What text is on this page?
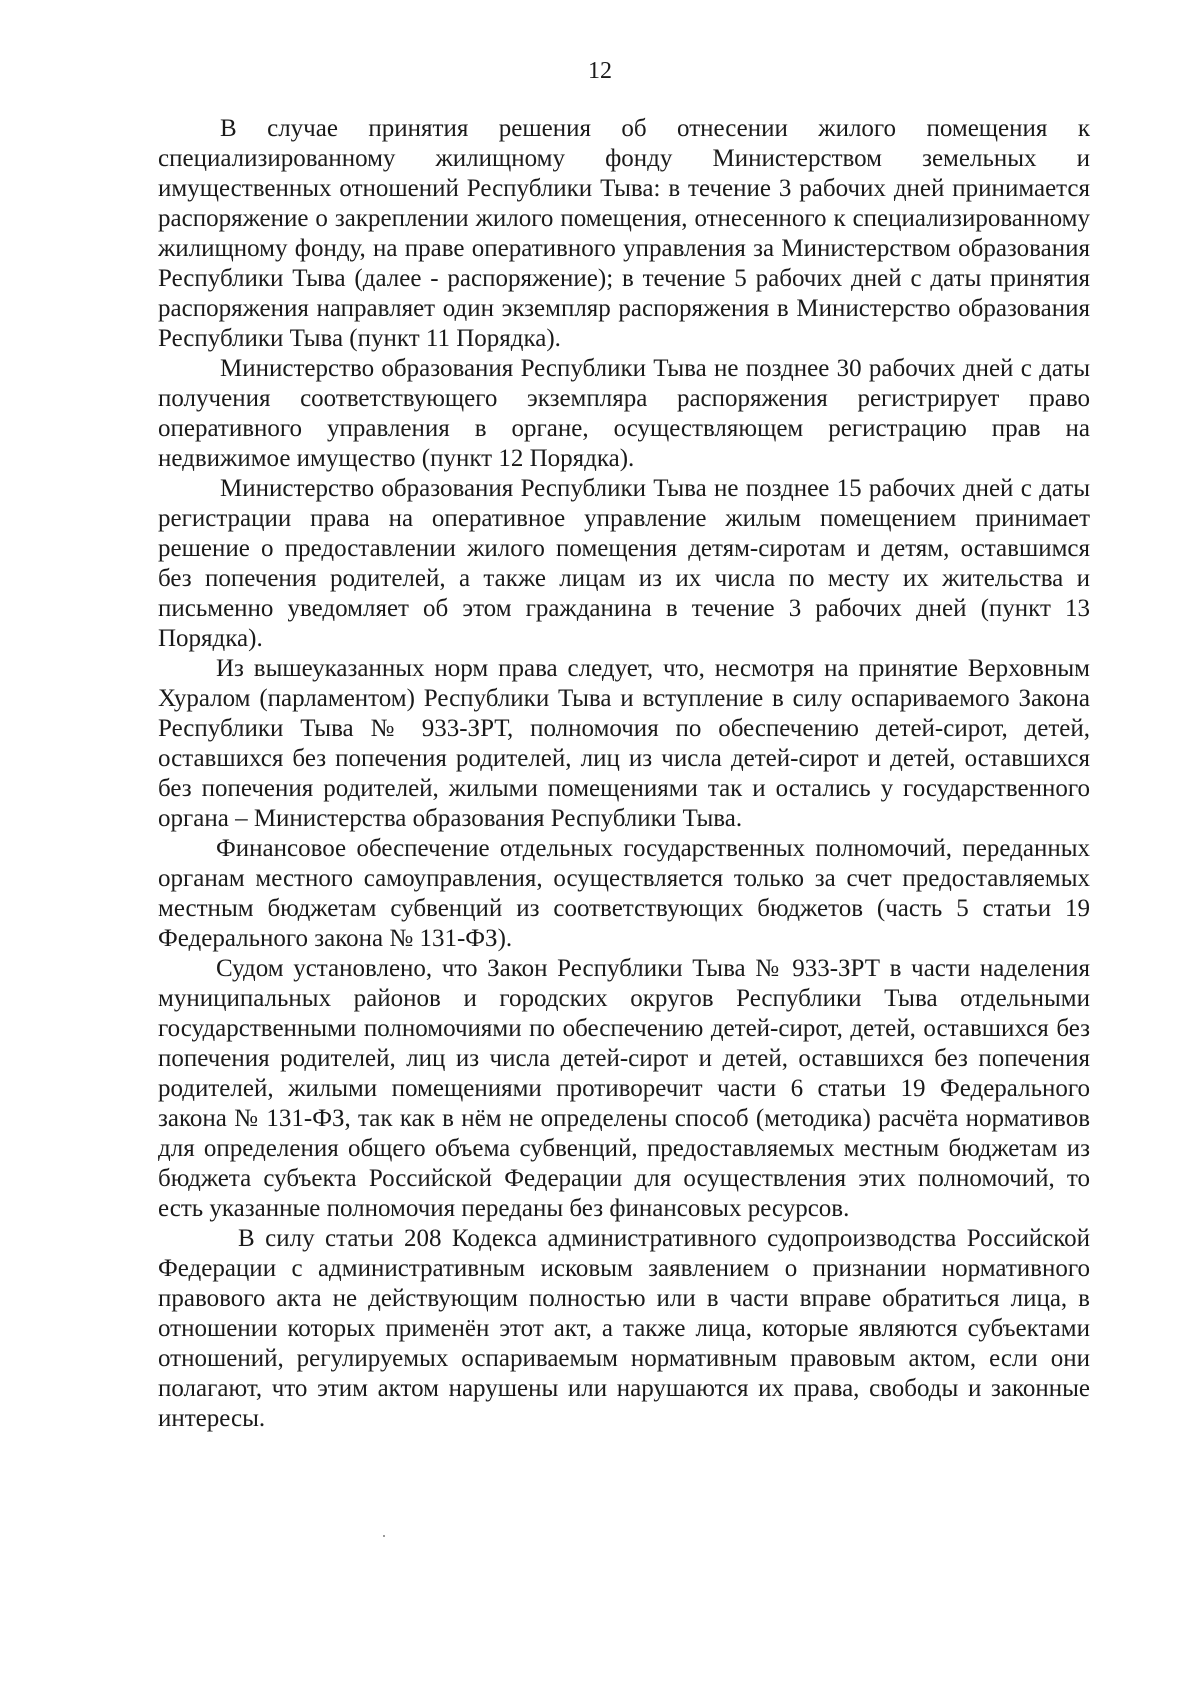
12

В случае принятия решения об отнесении жилого помещения к специализированному жилищному фонду Министерством земельных и имущественных отношений Республики Тыва: в течение 3 рабочих дней принимается распоряжение о закреплении жилого помещения, отнесенного к специализированному жилищному фонду, на праве оперативного управления за Министерством образования Республики Тыва (далее - распоряжение); в течение 5 рабочих дней с даты принятия распоряжения направляет один экземпляр распоряжения в Министерство образования Республики Тыва (пункт 11 Порядка).

Министерство образования Республики Тыва не позднее 30 рабочих дней с даты получения соответствующего экземпляра распоряжения регистрирует право оперативного управления в органе, осуществляющем регистрацию прав на недвижимое имущество (пункт 12 Порядка).

Министерство образования Республики Тыва не позднее 15 рабочих дней с даты регистрации права на оперативное управление жилым помещением принимает решение о предоставлении жилого помещения детям-сиротам и детям, оставшимся без попечения родителей, а также лицам из их числа по месту их жительства и письменно уведомляет об этом гражданина в течение 3 рабочих дней (пункт 13 Порядка).

Из вышеуказанных норм права следует, что, несмотря на принятие Верховным Хуралом (парламентом) Республики Тыва и вступление в силу оспариваемого Закона Республики Тыва № 933-ЗРТ, полномочия по обеспечению детей-сирот, детей, оставшихся без попечения родителей, лиц из числа детей-сирот и детей, оставшихся без попечения родителей, жилыми помещениями так и остались у государственного органа – Министерства образования Республики Тыва.

Финансовое обеспечение отдельных государственных полномочий, переданных органам местного самоуправления, осуществляется только за счет предоставляемых местным бюджетам субвенций из соответствующих бюджетов (часть 5 статьи 19 Федерального закона № 131-ФЗ).

Судом установлено, что Закон Республики Тыва № 933-ЗРТ в части наделения муниципальных районов и городских округов Республики Тыва отдельными государственными полномочиями по обеспечению детей-сирот, детей, оставшихся без попечения родителей, лиц из числа детей-сирот и детей, оставшихся без попечения родителей, жилыми помещениями противоречит части 6 статьи 19 Федерального закона № 131-ФЗ, так как в нём не определены способ (методика) расчёта нормативов для определения общего объема субвенций, предоставляемых местным бюджетам из бюджета субъекта Российской Федерации для осуществления этих полномочий, то есть указанные полномочия переданы без финансовых ресурсов.

В силу статьи 208 Кодекса административного судопроизводства Российской Федерации с административным исковым заявлением о признании нормативного правового акта не действующим полностью или в части вправе обратиться лица, в отношении которых применён этот акт, а также лица, которые являются субъектами отношений, регулируемых оспариваемым нормативным правовым актом, если они полагают, что этим актом нарушены или нарушаются их права, свободы и законные интересы.
